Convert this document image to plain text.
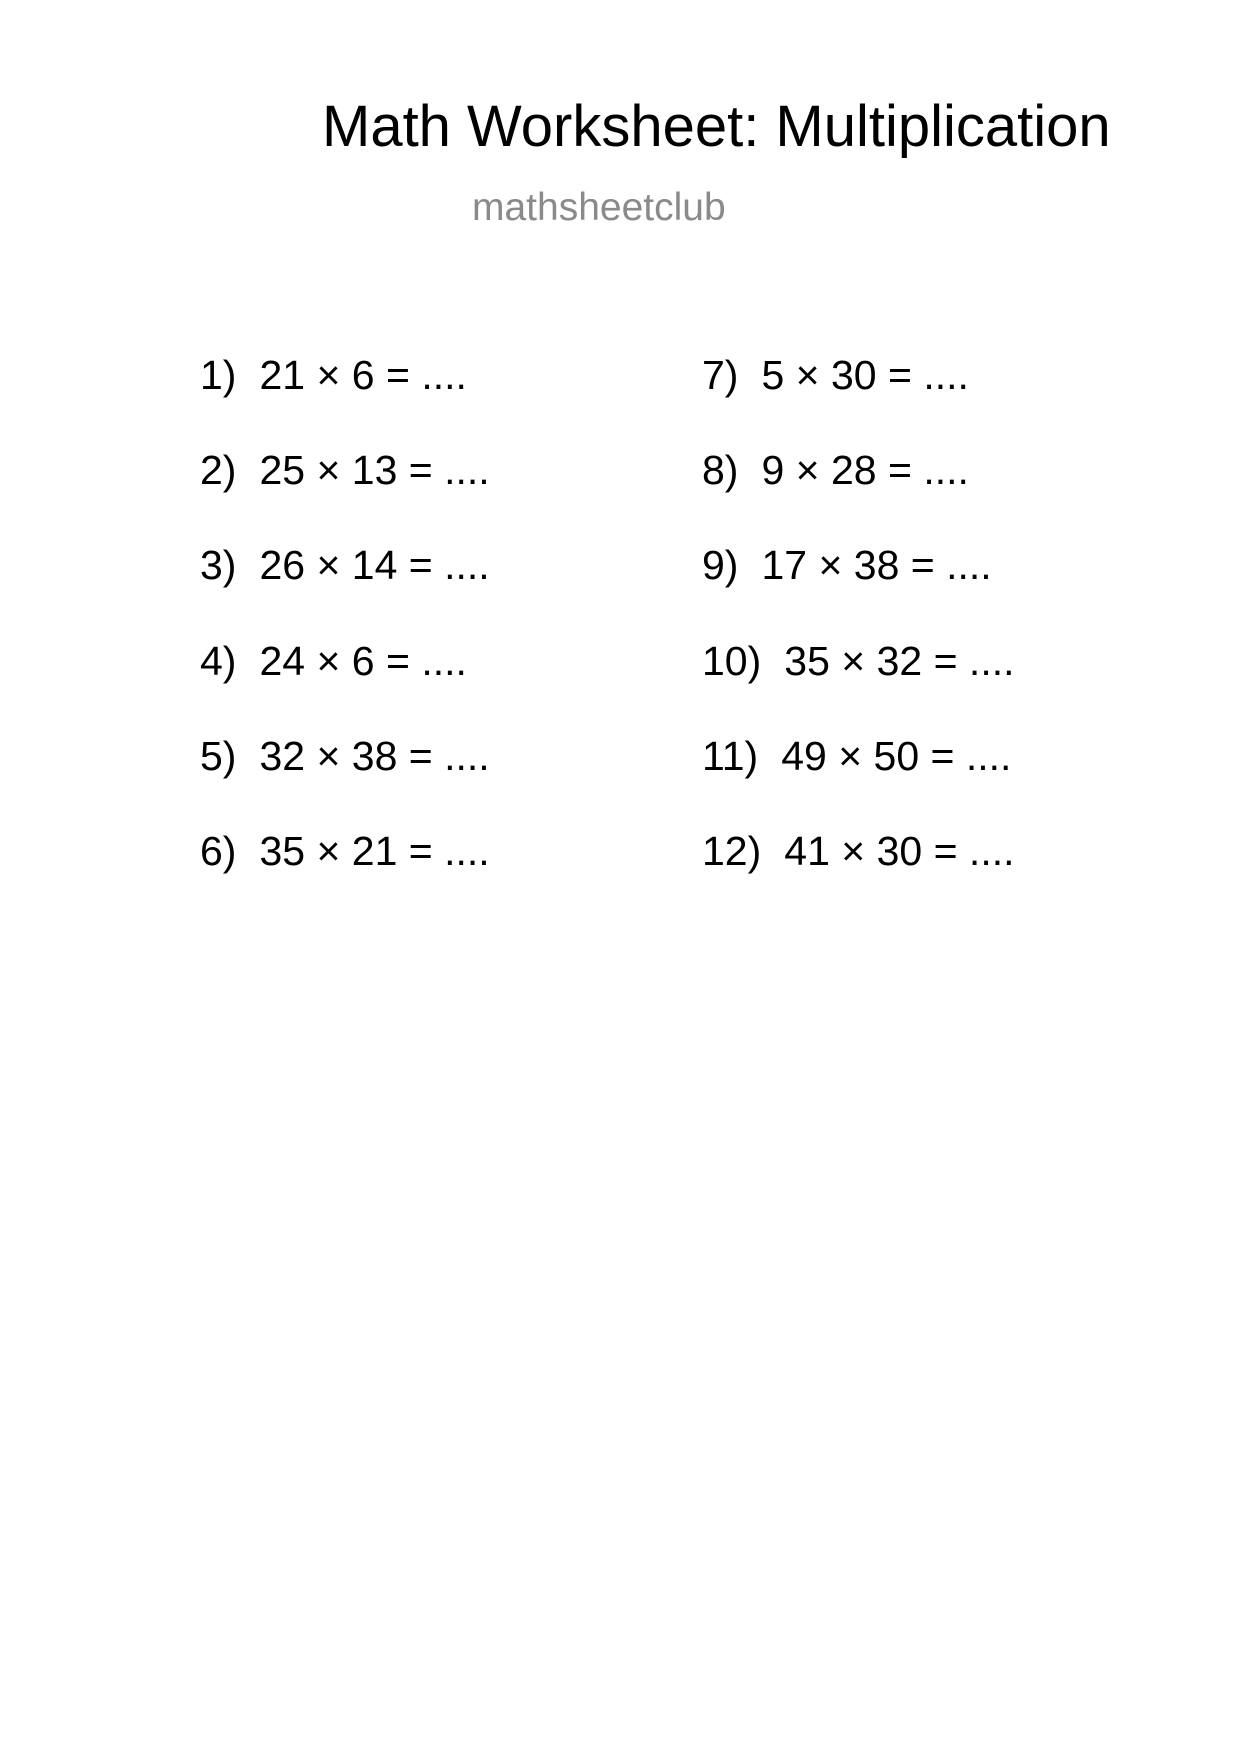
Math Worksheet: Multiplication
mathsheetclub
1) 21 × 6 = ....
2) 25 × 13 = ....
3) 26 × 14 = ....
4) 24 × 6 = ....
5) 32 × 38 = ....
6) 35 × 21 = ....
7) 5 × 30 = ....
8) 9 × 28 = ....
9) 17 × 38 = ....
10) 35 × 32 = ....
11) 49 × 50 = ....
12) 41 × 30 = ....
